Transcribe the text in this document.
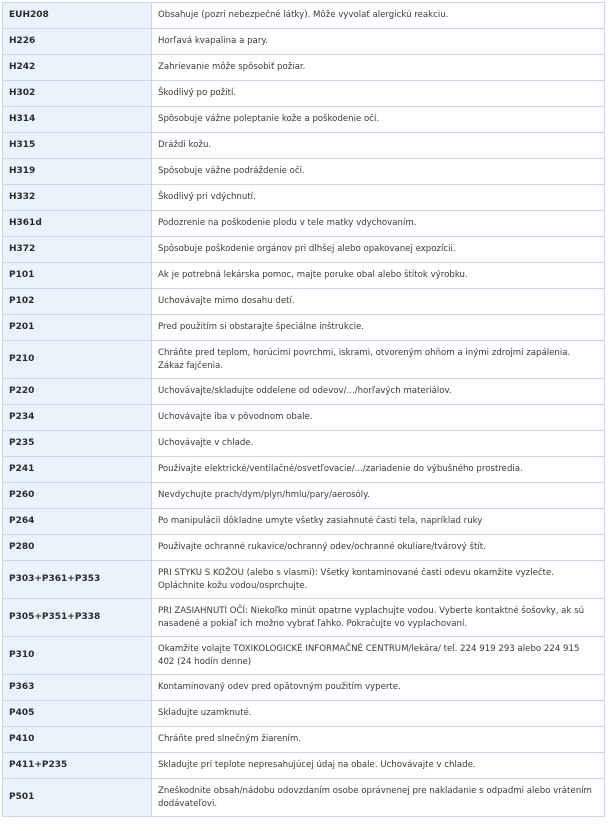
EUH208	Obsahuje (pozri nebezpečné látky). Môže vyvolať alergickú reakciu.
H226	Horľavá kvapalina a pary.
H242	Zahrievanie môže spôsobiť požiar.
H302	Škodlivý po požití.
H314	Spôsobuje vážne poleptanie kože a poškodenie očí.
H315	Dráždi kožu.
H319	Spôsobuje vážne podráždenie očí.
H332	Škodlivý pri vdýchnutí.
H361d	Podozrenie na poškodenie plodu v tele matky vdychovaním.
H372	Spôsobuje poškodenie orgánov pri dlhšej alebo opakovanej expozícii.
P101	Ak je potrebná lekárska pomoc, majte poruke obal alebo štítok výrobku.
P102	Uchovávajte mimo dosahu detí.
P201	Pred použitím si obstarajte špeciálne inštrukcie.
P210	Chráňte pred teplom, horúcimi povrchmi, iskrami, otvoreným ohňom a inými zdrojmi zapálenia. Zákaz fajčenia.
P220	Uchovávajte/skladujte oddelene od odevov/.../horľavých materiálov.
P234	Uchovávajte iba v pôvodnom obale.
P235	Uchovávajte v chlade.
P241	Používajte elektrické/ventilačné/osvetľovacie/.../zariadenie do výbušného prostredia.
P260	Nevdychujte prach/dym/plyn/hmlu/pary/aerosóly.
P264	Po manipulácii dôkladne umyte všetky zasiahnuté časti tela, napríklad ruky
P280	Používajte ochranné rukavice/ochranný odev/ochranné okuliare/tvárový štít.
P303+P361+P353	PRI STYKU S KOŽOU (alebo s vlasmi): Všetky kontaminované časti odevu okamžite vyzlečte. Opláchnite kožu vodou/osprchujte.
P305+P351+P338	PRI ZASIAHNUTÍ OČÍ: Niekoľko minút opatrne vyplachujte vodou. Vyberte kontaktné šošovky, ak sú nasadené a pokiaľ ich možno vybrať ľahko. Pokračujte vo vyplachovaní.
P310	Okamžite volajte TOXIKOLOGICKÉ INFORMAČNÉ CENTRUM/lekára/ tel. 224 919 293 alebo 224 915 402 (24 hodín denne)
P363	Kontaminovaný odev pred opätovným použitím vyperte.
P405	Skladujte uzamknuté.
P410	Chráňte pred slnečným žiarením.
P411+P235	Skladujte pri teplote nepresahujúcej údaj na obale. Uchovávajte v chlade.
P501	Zneškodnite obsah/nádobu odovzdaním osobe oprávnenej pre nakladanie s odpadmi alebo vrátením dodávateľovi.
